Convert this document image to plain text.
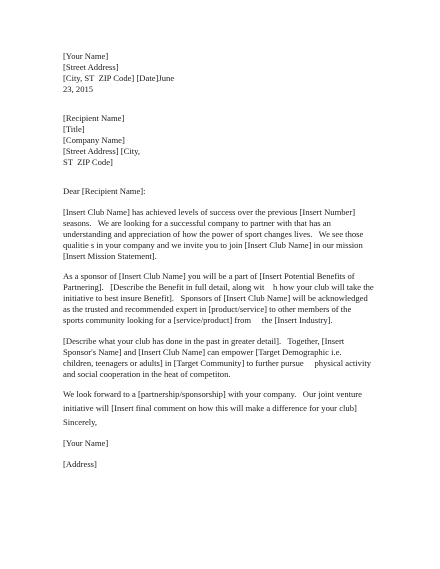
[Your Name]
[Street Address]
[City, ST  ZIP Code] [Date]June
23, 2015
[Recipient Name]
[Title]
[Company Name]
[Street Address] [City,
ST  ZIP Code]
Dear [Recipient Name]:
[Insert Club Name] has achieved levels of success over the previous [Insert Number]
seasons.   We are looking for a successful company to partner with that has an
understanding and appreciation of how the power of sport changes lives.   We see those
qualitie s in your company and we invite you to join [Insert Club Name] in our mission
[Insert Mission Statement].
As a sponsor of [Insert Club Name] you will be a part of [Insert Potential Benefits of
Partnering].   [Describe the Benefit in full detail, along wit    h how your club will take the
initiative to best insure Benefit].   Sponsors of [Insert Club Name] will be acknowledged
as the trusted and recommended expert in [product/service] to other members of the
sports community looking for a [service/product] from     the [Insert Industry].
[Describe what your club has done in the past in greater detail].   Together, [Insert
Sponsor's Name] and [Insert Club Name] can empower [Target Demographic i.e.
children, teenagers or adults] in [Target Community] to further pursue     physical activity
and social cooperation in the heat of competiton.
We look forward to a [partnership/sponsorship] with your company.   Our joint venture
initiative will [Insert final comment on how this will make a difference for your club]
Sincerely,
[Your Name]
[Address]
